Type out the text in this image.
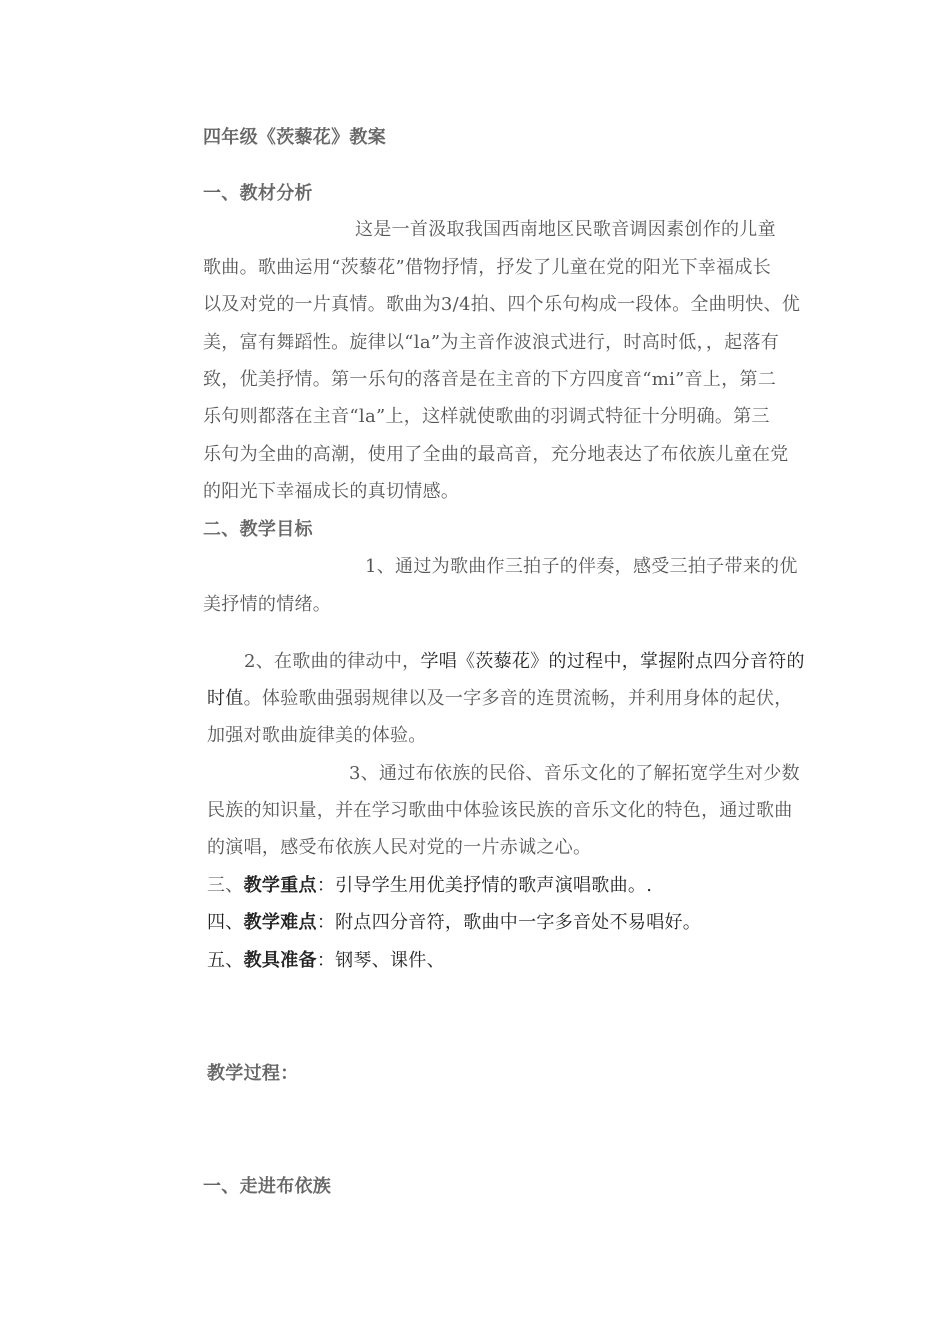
四年级《茨藜花》教案
一、教材分析
这是一首汲取我国西南地区民歌音调因素创作的儿童
歌曲。歌曲运用“茨藜花”借物抒情，抒发了儿童在党的阳光下幸福成长
以及对党的一片真情。歌曲为3/4拍、四个乐句构成一段体。全曲明快、优
美，富有舞蹈性。旋律以“la”为主音作波浪式进行，时高时低，，起落有
致，优美抒情。第一乐句的落音是在主音的下方四度音“mi”音上，第二
乐句则都落在主音“la”上，这样就使歌曲的羽调式特征十分明确。第三
乐句为全曲的高潮，使用了全曲的最高音，充分地表达了布依族儿童在党
的阳光下幸福成长的真切情感。
二、教学目标
1、通过为歌曲作三拍子的伴奏，感受三拍子带来的优
美抒情的情绪。
2、在歌曲的律动中，学唱《茨藜花》的过程中，掌握附点四分音符的
时值。体验歌曲强弱规律以及一字多音的连贯流畅，并利用身体的起伏，
加强对歌曲旋律美的体验。
3、通过布依族的民俗、音乐文化的了解拓宽学生对少数
民族的知识量，并在学习歌曲中体验该民族的音乐文化的特色，通过歌曲
的演唱，感受布依族人民对党的一片赤诚之心。
三、教学重点：引导学生用优美抒情的歌声演唱歌曲。.
四、教学难点：附点四分音符，歌曲中一字多音处不易唱好。
五、教具准备：钢琴、课件、
教学过程：
一、走进布依族
